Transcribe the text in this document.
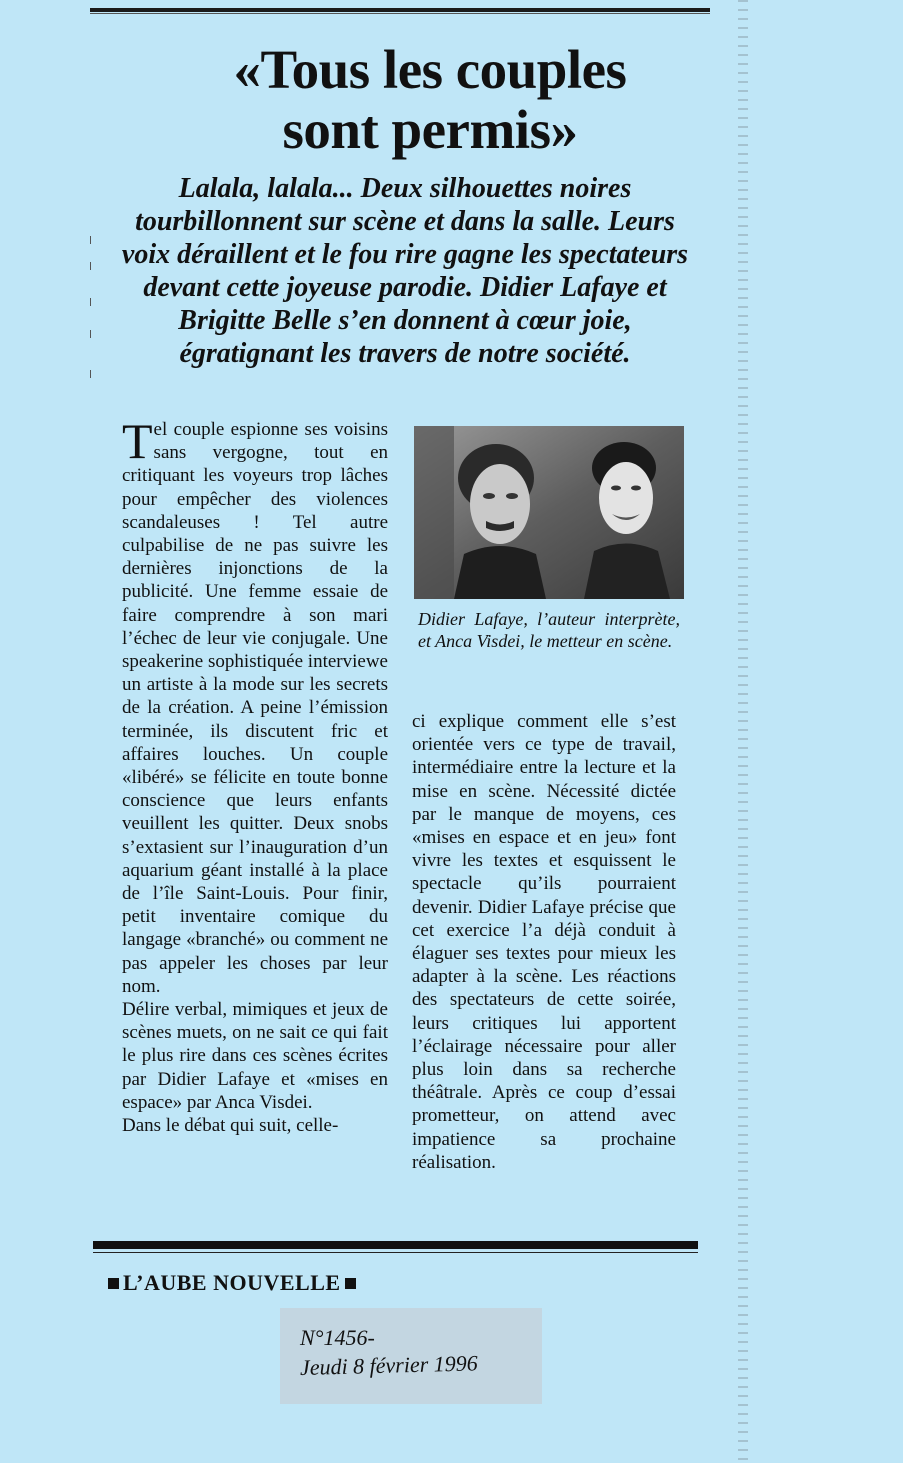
«Tous les couples
sont permis»
Lalala, lalala... Deux silhouettes noires tourbillonnent sur scène et dans la salle. Leurs voix déraillent et le fou rire gagne les spectateurs devant cette joyeuse parodie. Didier Lafaye et Brigitte Belle s’en donnent à cœur joie, égratignant les travers de notre société.

Tel couple espionne ses voisins sans vergogne, tout en critiquant les voyeurs trop lâches pour empêcher des violences scandaleuses ! Tel autre culpabilise de ne pas suivre les dernières injonctions de la publicité. Une femme essaie de faire comprendre à son mari l’échec de leur vie conjugale. Une speakerine sophistiquée interviewe un artiste à la mode sur les secrets de la création. A peine l’émission terminée, ils discutent fric et affaires louches. Un couple «libéré» se félicite en toute bonne conscience que leurs enfants veuillent les quitter. Deux snobs s’extasient sur l’inauguration d’un aquarium géant installé à la place de l’île Saint-Louis. Pour finir, petit inventaire comique du langage «branché» ou comment ne pas appeler les choses par leur nom.

Délire verbal, mimiques et jeux de scènes muets, on ne sait ce qui fait le plus rire dans ces scènes écrites par Didier Lafaye et «mises en espace» par Anca Visdei.

Dans le débat qui suit, celle-

Didier Lafaye, l’auteur interprète, et Anca Visdei, le metteur en scène.

ci explique comment elle s’est orientée vers ce type de travail, intermédiaire entre la lecture et la mise en scène. Nécessité dictée par le manque de moyens, ces «mises en espace et en jeu» font vivre les textes et esquissent le spectacle qu’ils pourraient devenir. Didier Lafaye précise que cet exercice l’a déjà conduit à élaguer ses textes pour mieux les adapter à la scène. Les réactions des spectateurs de cette soirée, leurs critiques lui apportent l’éclairage nécessaire pour aller plus loin dans sa recherche théâtrale. Après ce coup d’essai prometteur, on attend avec impatience sa prochaine réalisation.

L’AUBE NOUVELLE
N°1456-
Jeudi 8 février 1996
